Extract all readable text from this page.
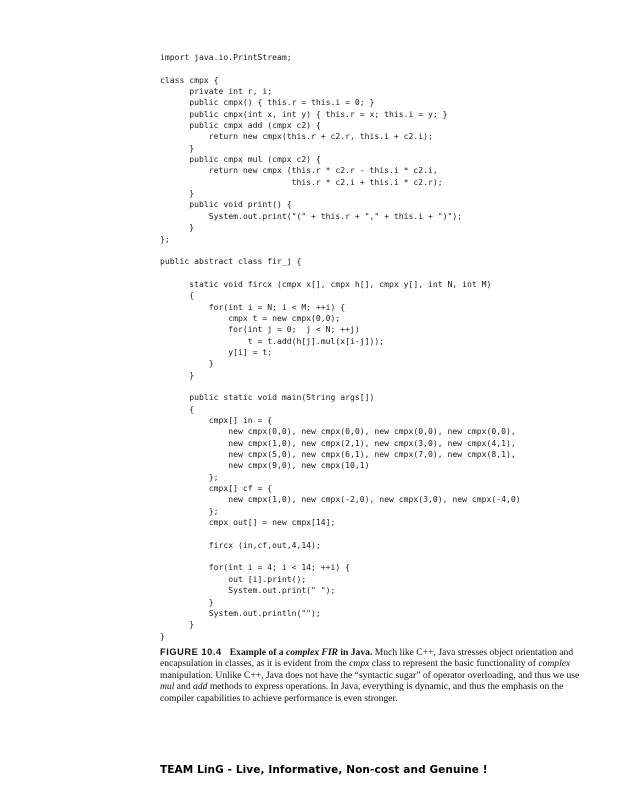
import java.io.PrintStream;
class cmpx {
private int r, i;
public cmpx() { this.r = this.i = 0; }
public cmpx(int x, int y) { this.r = x; this.i = y; }
public cmpx add (cmpx c2) {
return new cmpx(this.r + c2.r, this.i + c2.i);
}
public cmpx mul (cmpx c2) {
return new cmpx (this.r * c2.r - this.i * c2.i,
this.r * c2.i + this.i * c2.r);
}
public void print() {
System.out.print("(" + this.r + "," + this.i + ")");
}
};
public abstract class fir_j {
static void fircx (cmpx x[], cmpx h[], cmpx y[], int N, int M)
{
for(int i = N; i < M; ++i) {
cmpx t = new cmpx(0,0);
for(int j = 0;  j < N; ++j)
t = t.add(h[j].mul(x[i-j]));
y[i] = t;
}
}
public static void main(String args[])
{
cmpx[] in = {
new cmpx(0,0), new cmpx(0,0), new cmpx(0,0), new cmpx(0,0),
new cmpx(1,0), new cmpx(2,1), new cmpx(3,0), new cmpx(4,1),
new cmpx(5,0), new cmpx(6,1), new cmpx(7,0), new cmpx(8,1),
new cmpx(9,0), new cmpx(10,1)
};
cmpx[] cf = {
new cmpx(1,0), new cmpx(-2,0), new cmpx(3,0), new cmpx(-4,0)
};
cmpx out[] = new cmpx[14];
fircx (in,cf,out,4,14);
for(int i = 4; i < 14; ++i) {
out [i].print();
System.out.print(" ");
}
System.out.println("");
}
}

FIGURE 10.4 Example of a complex FIR in Java. Much like C++, Java stresses object orientation and encapsulation in classes, as it is evident from the cmpx class to represent the basic functionality of complex manipulation. Unlike C++, Java does not have the “syntactic sugar” of operator overloading, and thus we use mul and add methods to express operations. In Java, everything is dynamic, and thus the emphasis on the compiler capabilities to achieve performance is even stronger.

TEAM LinG - Live, Informative, Non-cost and Genuine !
